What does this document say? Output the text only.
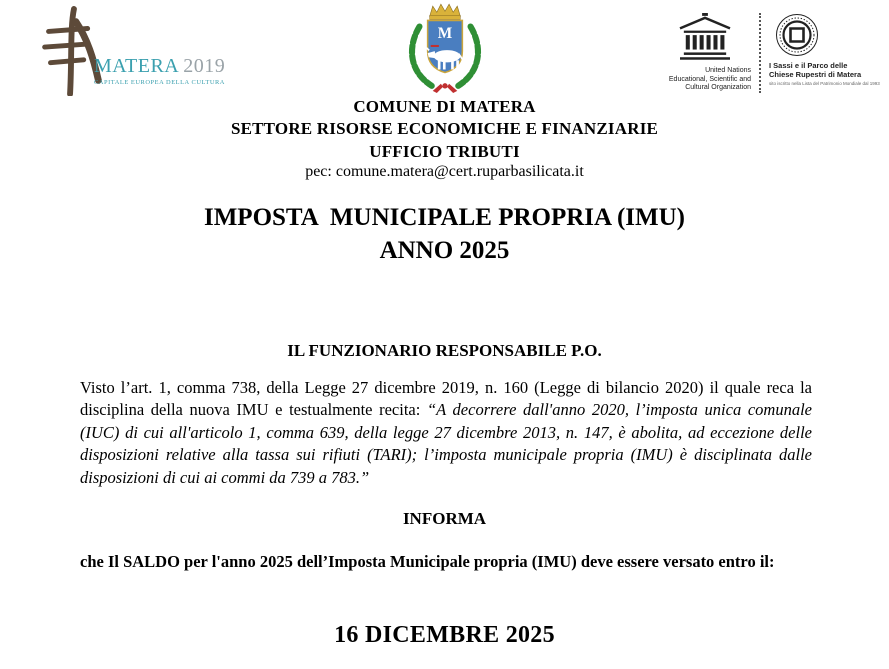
MATERA 2019
CAPITALE EUROPEA DELLA CULTURA
M
United Nations
Educational, Scientific and
Cultural Organization
I Sassi e il Parco delle
Chiese Rupestri di Matera
sito iscritto nella Lista del Patrimonio Mondiale dal 1993
COMUNE DI MATERA
SETTORE RISORSE ECONOMICHE E FINANZIARIE
UFFICIO TRIBUTI
pec: comune.matera@cert.ruparbasilicata.it
IMPOSTA  MUNICIPALE PROPRIA (IMU)
ANNO 2025
IL FUNZIONARIO RESPONSABILE P.O.
Visto l’art. 1, comma 738, della Legge 27 dicembre 2019, n. 160 (Legge di bilancio 2020) il quale reca la disciplina della nuova IMU e testualmente recita: “A decorrere dall'anno 2020, l’imposta unica comunale (IUC) di cui all'articolo 1, comma 639, della legge 27 dicembre 2013, n. 147, è abolita, ad eccezione delle disposizioni relative alla tassa sui rifiuti (TARI); l’imposta municipale propria (IMU) è disciplinata dalle disposizioni di cui ai commi da 739 a 783.”
INFORMA
che Il SALDO per l'anno 2025 dell’Imposta Municipale propria (IMU) deve essere versato entro il:
16 DICEMBRE 2025
